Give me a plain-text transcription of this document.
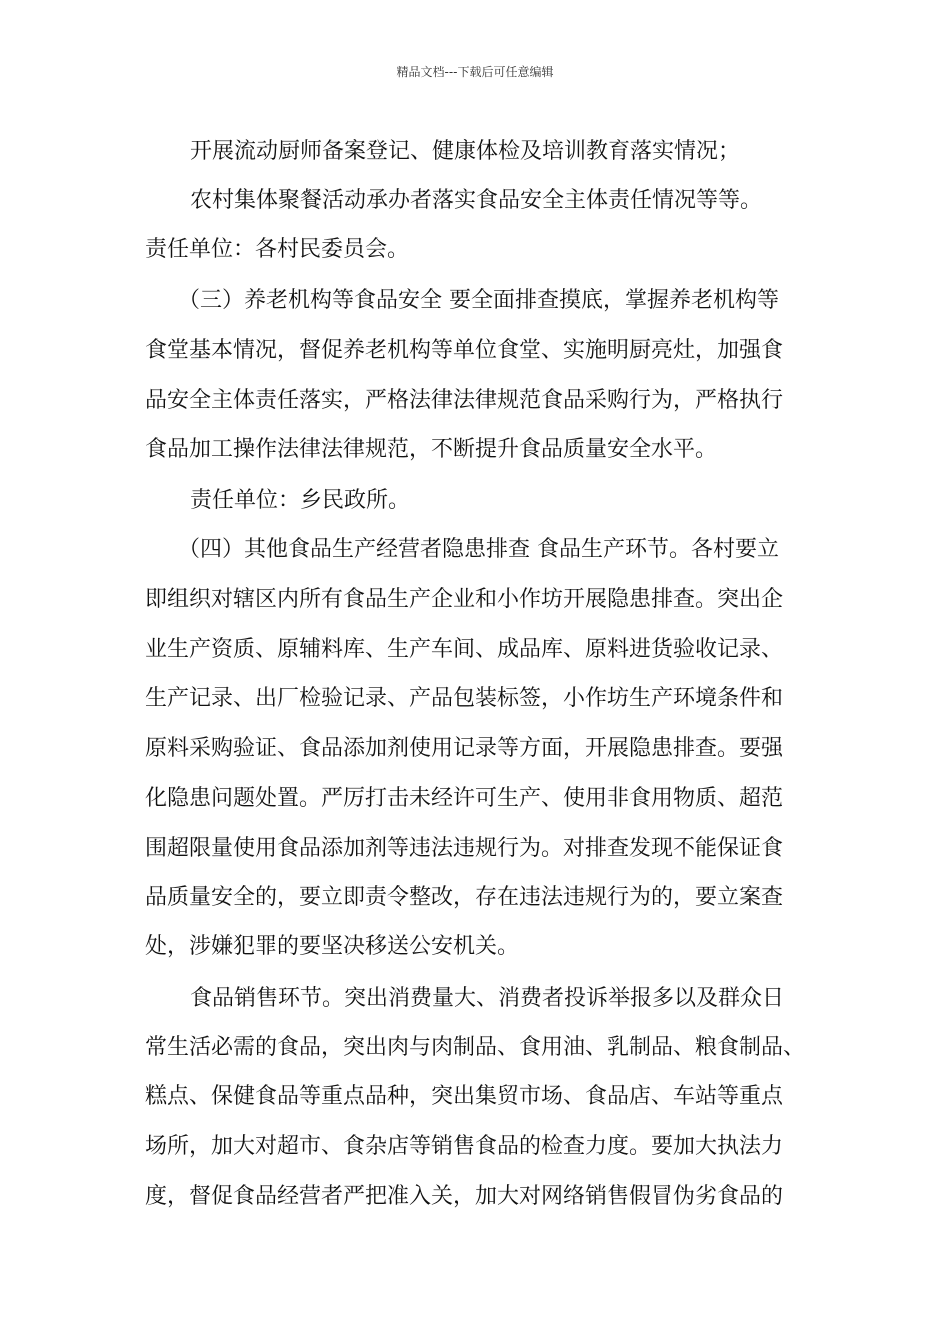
精品文档---下载后可任意编辑
开展流动厨师备案登记、健康体检及培训教育落实情况；
农村集体聚餐活动承办者落实食品安全主体责任情况等等。
责任单位：各村民委员会。
（三）养老机构等食品安全 要全面排查摸底，掌握养老机构等
食堂基本情况，督促养老机构等单位食堂、实施明厨亮灶，加强食
品安全主体责任落实，严格法律法律规范食品采购行为，严格执行
食品加工操作法律法律规范，不断提升食品质量安全水平。
责任单位：乡民政所。
（四）其他食品生产经营者隐患排查 食品生产环节。各村要立
即组织对辖区内所有食品生产企业和小作坊开展隐患排查。突出企
业生产资质、原辅料库、生产车间、成品库、原料进货验收记录、
生产记录、出厂检验记录、产品包装标签，小作坊生产环境条件和
原料采购验证、食品添加剂使用记录等方面，开展隐患排查。要强
化隐患问题处置。严厉打击未经许可生产、使用非食用物质、超范
围超限量使用食品添加剂等违法违规行为。对排查发现不能保证食
品质量安全的，要立即责令整改，存在违法违规行为的，要立案查
处，涉嫌犯罪的要坚决移送公安机关。
食品销售环节。突出消费量大、消费者投诉举报多以及群众日
常生活必需的食品，突出肉与肉制品、食用油、乳制品、粮食制品、
糕点、保健食品等重点品种，突出集贸市场、食品店、车站等重点
场所，加大对超市、食杂店等销售食品的检查力度。要加大执法力
度，督促食品经营者严把准入关，加大对网络销售假冒伪劣食品的
